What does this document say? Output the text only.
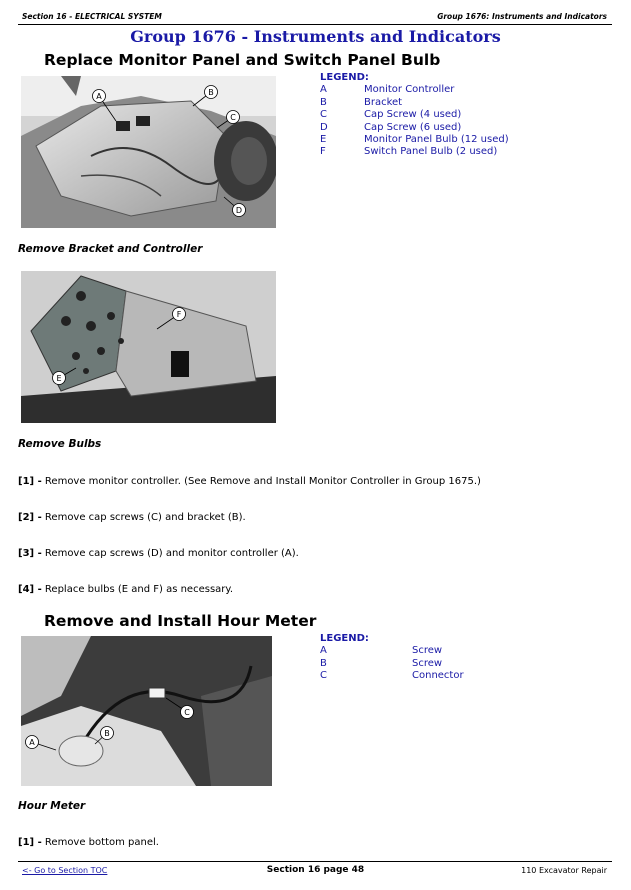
Section 16 - ELECTRICAL SYSTEM	Group 1676: Instruments and Indicators
Group 1676 - Instruments and Indicators
Replace Monitor Panel and Switch Panel Bulb
LEGEND:
A	Monitor Controller
B	Bracket
C	Cap Screw (4 used)
D	Cap Screw (6 used)
E	Monitor Panel Bulb (12 used)
F	Switch Panel Bulb (2 used)
A	B
C
D
Remove Bracket and Controller
F
E
Remove Bulbs
[1] - Remove monitor controller. (See Remove and Install Monitor Controller in Group 1675.)
[2] - Remove cap screws (C) and bracket (B).
[3] - Remove cap screws (D) and monitor controller (A).
[4] - Replace bulbs (E and F) as necessary.
Remove and Install Hour Meter
LEGEND:
A	Screw
B	Screw
C	Connector
C
B
A
Hour Meter
[1] - Remove bottom panel.
<- Go to Section TOC	Section 16 page 48	110 Excavator Repair
